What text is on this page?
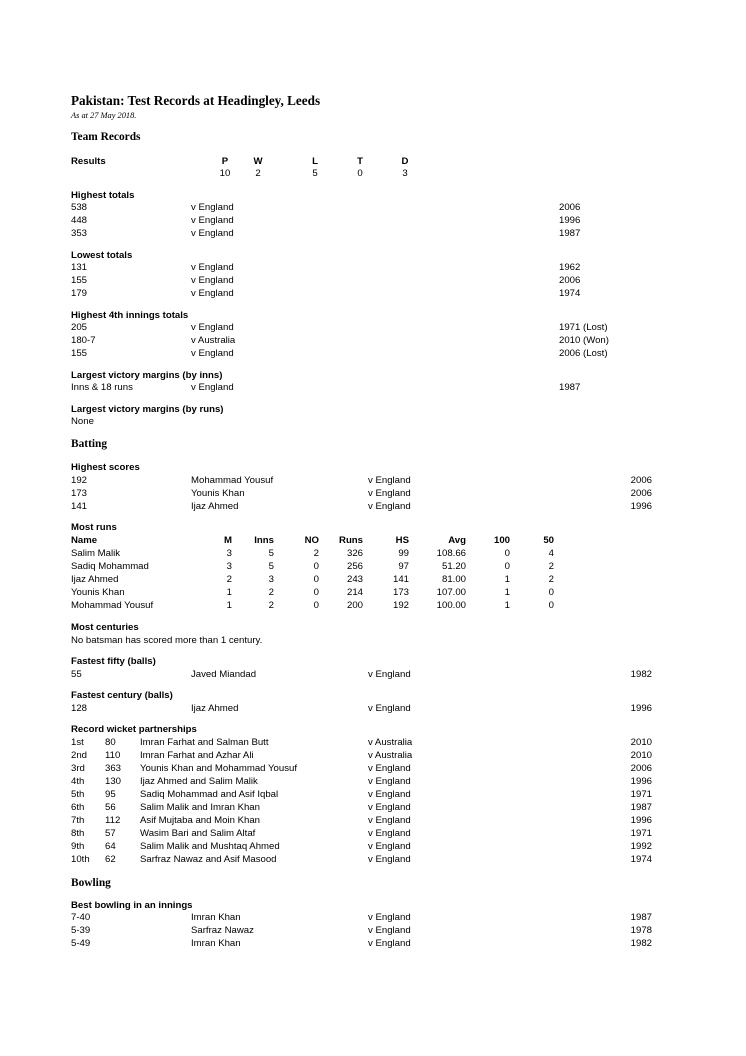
Pakistan: Test Records at Headingley, Leeds
As at 27 May 2018.
Team Records
Results	P	W	L	T	D
10	2	5	0	3
Highest totals
538	v England	2006
448	v England	1996
353	v England	1987
Lowest totals
131	v England	1962
155	v England	2006
179	v England	1974
Highest 4th innings totals
205	v England	1971 (Lost)
180-7	v Australia	2010 (Won)
155	v England	2006 (Lost)
Largest victory margins (by inns)
Inns & 18 runs	v England	1987
Largest victory margins (by runs)
None
Batting
Highest scores
192	Mohammad Yousuf	v England	2006
173	Younis Khan	v England	2006
141	Ijaz Ahmed	v England	1996
Most runs
Name	M	Inns	NO	Runs	HS	Avg	100	50
Salim Malik	3	5	2	326	99	108.66	0	4
Sadiq Mohammad	3	5	0	256	97	51.20	0	2
Ijaz Ahmed	2	3	0	243	141	81.00	1	2
Younis Khan	1	2	0	214	173	107.00	1	0
Mohammad Yousuf	1	2	0	200	192	100.00	1	0
Most centuries
No batsman has scored more than 1 century.
Fastest fifty (balls)
55	Javed Miandad	v England	1982
Fastest century (balls)
128	Ijaz Ahmed	v England	1996
Record wicket partnerships
1st 80	Imran Farhat and Salman Butt	v Australia	2010
2nd 110 Imran Farhat and Azhar Ali	v Australia	2010
3rd 363 Younis Khan and Mohammad Yousuf	v England	2006
4th 130 Ijaz Ahmed and Salim Malik	v England	1996
5th 95	Sadiq Mohammad and Asif Iqbal	v England	1971
6th 56	Salim Malik and Imran Khan	v England	1987
7th 112 Asif Mujtaba and Moin Khan	v England	1996
8th 57	Wasim Bari and Salim Altaf	v England	1971
9th 64	Salim Malik and Mushtaq Ahmed	v England	1992
10th 62	Sarfraz Nawaz and Asif Masood	v England	1974
Bowling
Best bowling in an innings
7-40	Imran Khan	v England	1987
5-39	Sarfraz Nawaz	v England	1978
5-49	Imran Khan	v England	1982
